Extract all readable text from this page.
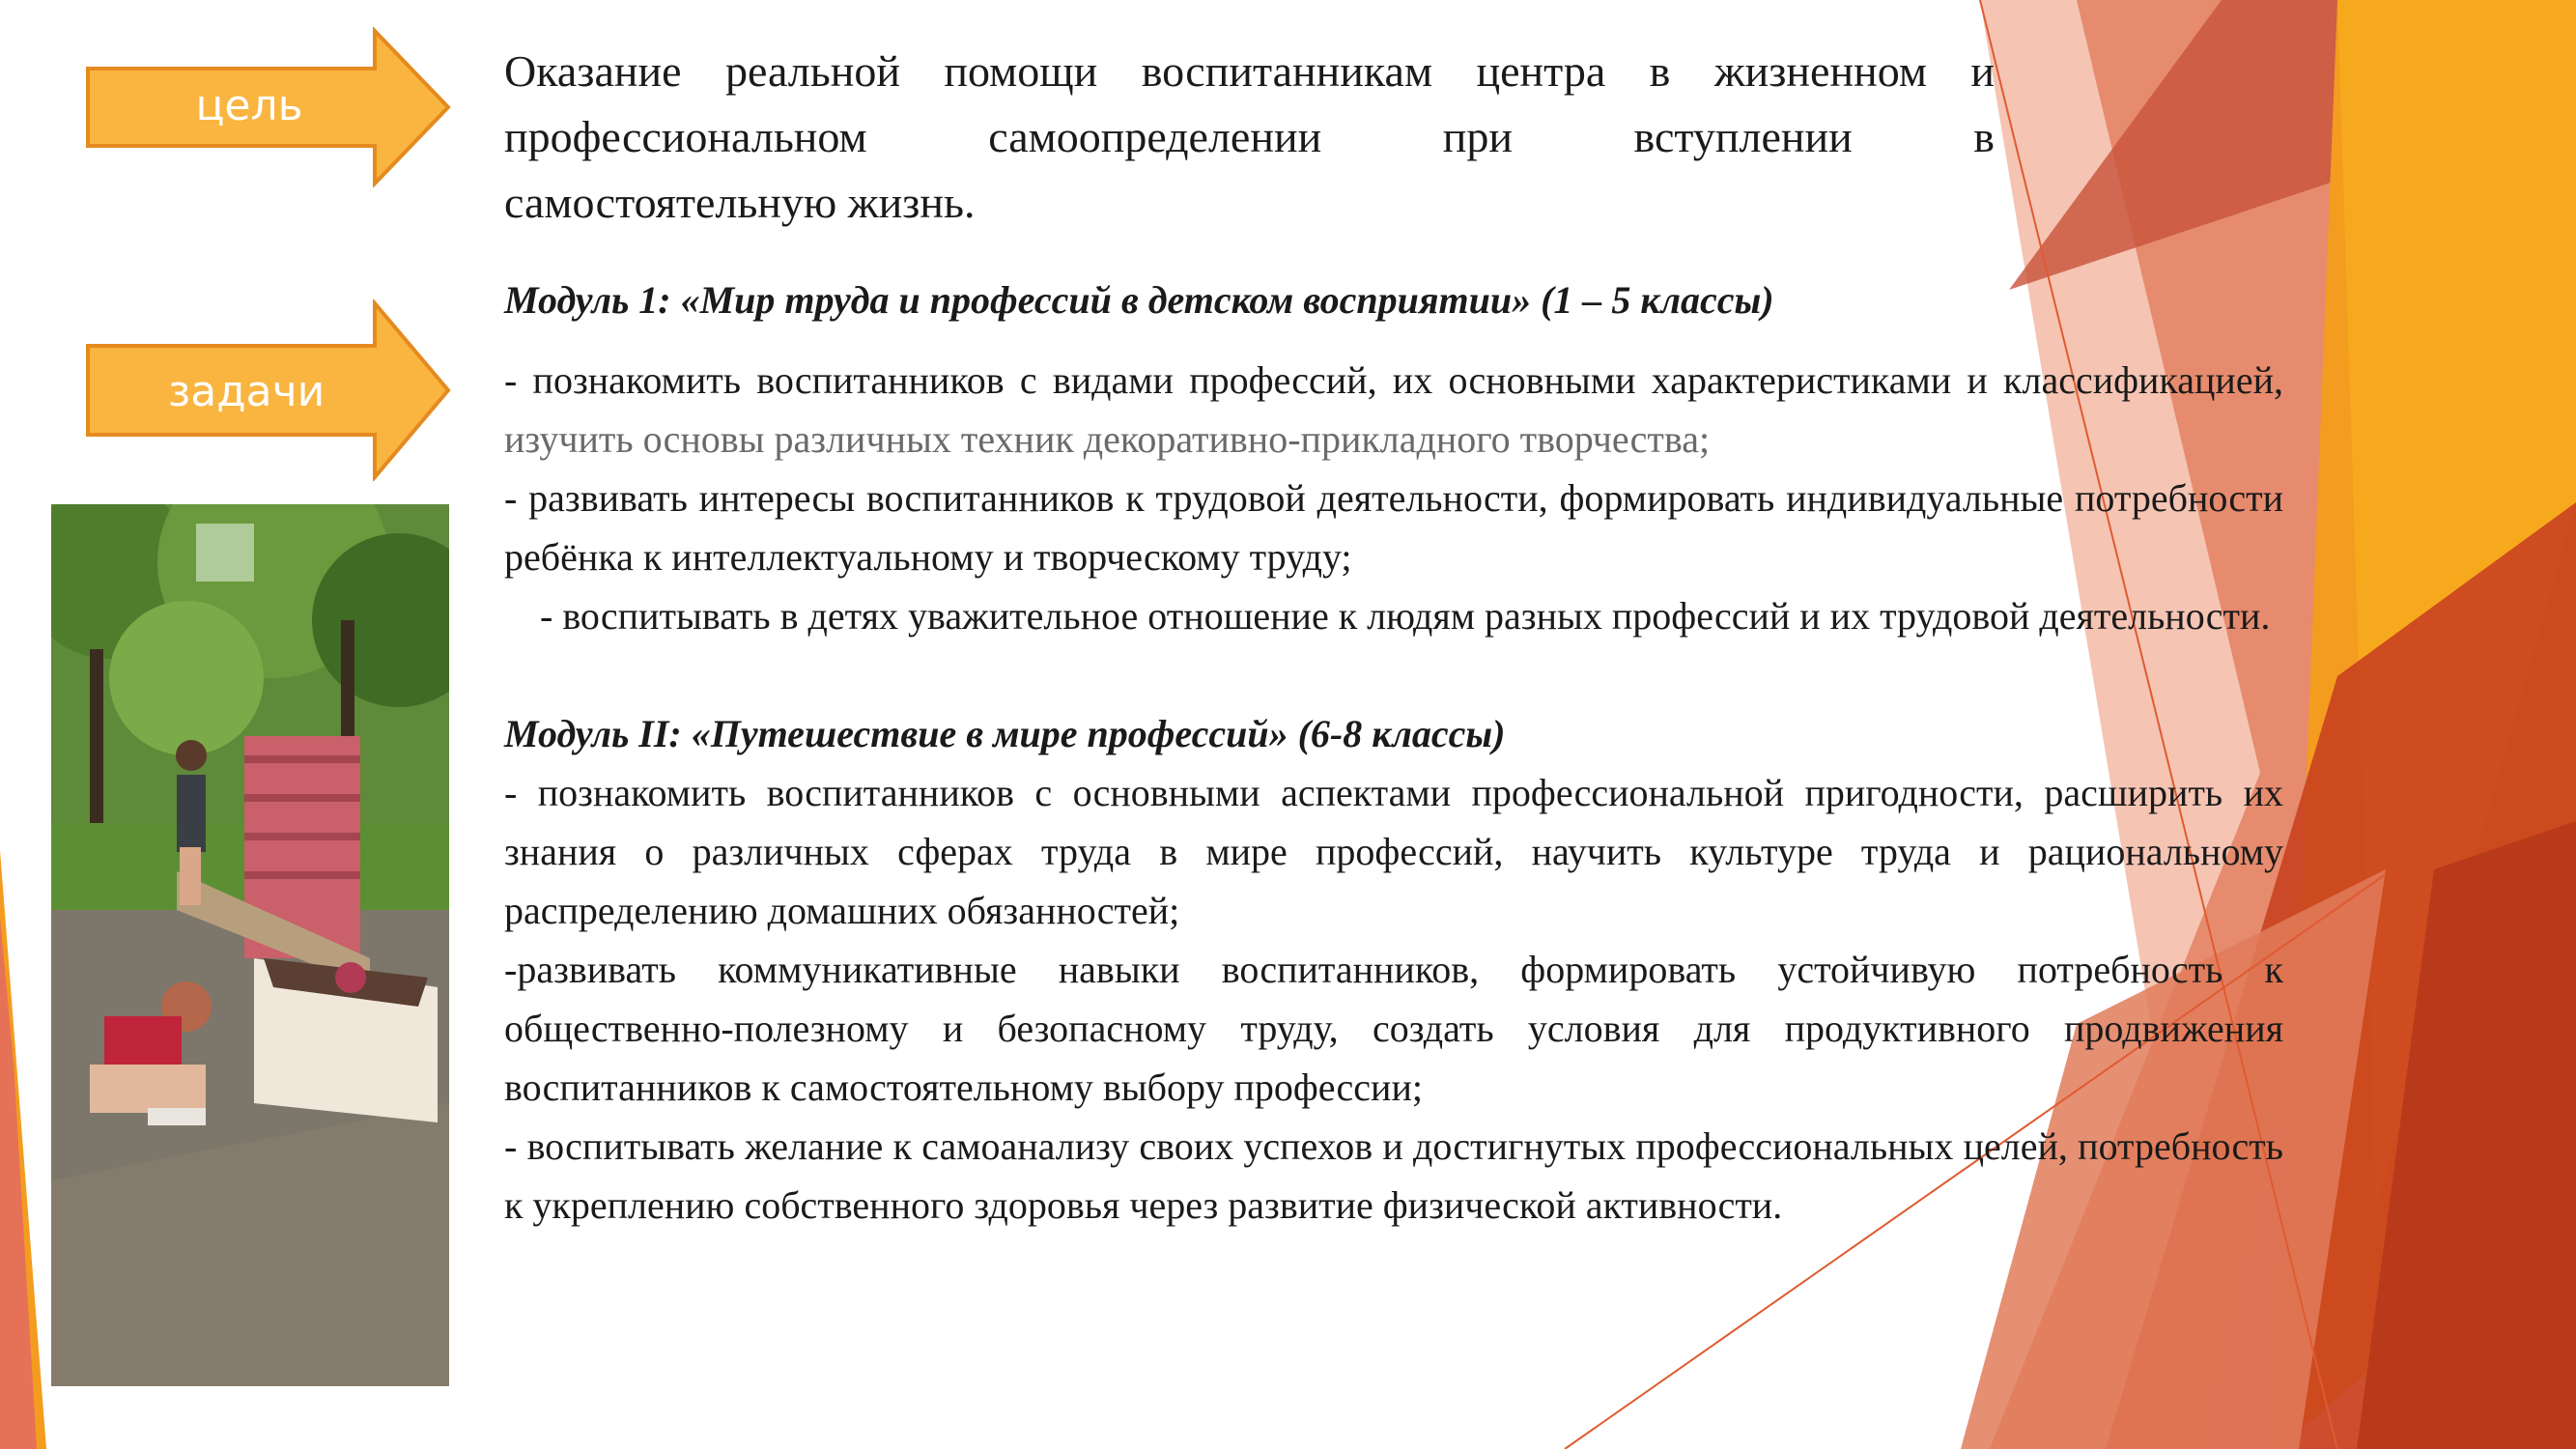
цель
задачи
Оказание реальной помощи воспитанникам центра в жизненном и
профессиональном самоопределении при вступлении в
самостоятельную жизнь.

Модуль 1: «Мир труда и профессий в детском восприятии» (1 – 5 классы)

- познакомить воспитанников с видами профессий, их основными характеристиками и классификацией, изучить основы различных техник декоративно-прикладного творчества;

- развивать интересы воспитанников к трудовой деятельности, формировать индивидуальные потребности ребёнка к интеллектуальному и творческому труду;

- воспитывать в детях уважительное отношение к людям разных профессий и их трудовой деятельности.

Модуль II: «Путешествие в мире профессий» (6-8 классы)

- познакомить воспитанников с основными аспектами профессиональной пригодности, расширить их знания о различных сферах труда в мире профессий, научить культуре труда и рациональному распределению домашних обязанностей;

-развивать коммуникативные навыки воспитанников, формировать устойчивую потребность к общественно-полезному и безопасному труду, создать условия для продуктивного продвижения воспитанников к самостоятельному выбору профессии;

- воспитывать желание к самоанализу своих успехов и достигнутых профессиональных целей, потребность к укреплению собственного здоровья через развитие физической активности.
